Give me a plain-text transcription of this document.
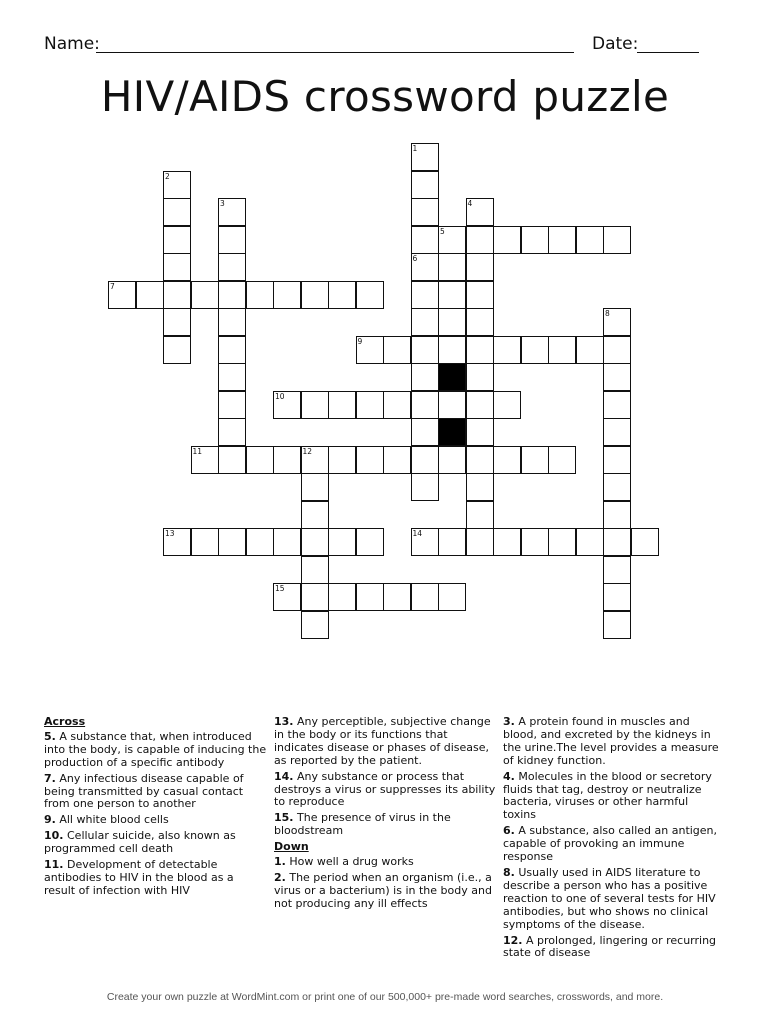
Name:	Date:
HIV/AIDS crossword puzzle
1
6
2
3	4
5
7
8
9
10
11	12
13	14
15
Across
5. A substance that, when introduced into the body, is capable of inducing the production of a specific antibody
7. Any infectious disease capable of being transmitted by casual contact from one person to another
9. All white blood cells
10. Cellular suicide, also known as programmed cell death
11. Development of detectable antibodies to HIV in the blood as a result of infection with HIV
13. Any perceptible, subjective change in the body or its functions that indicates disease or phases of disease, as reported by the patient.
14. Any substance or process that destroys a virus or suppresses its ability to reproduce
15. The presence of virus in the bloodstream
Down
1. How well a drug works
2. The period when an organism (i.e., a virus or a bacterium) is in the body and not producing any ill effects
3. A protein found in muscles and blood, and excreted by the kidneys in the urine.The level provides a measure of kidney function.
4. Molecules in the blood or secretory fluids that tag, destroy or neutralize bacteria, viruses or other harmful toxins
6. A substance, also called an antigen, capable of provoking an immune response
8. Usually used in AIDS literature to describe a person who has a positive reaction to one of several tests for HIV antibodies, but who shows no clinical symptoms of the disease.
12. A prolonged, lingering or recurring state of disease
Create your own puzzle at WordMint.com or print one of our 500,000+ pre-made word searches, crosswords, and more.
